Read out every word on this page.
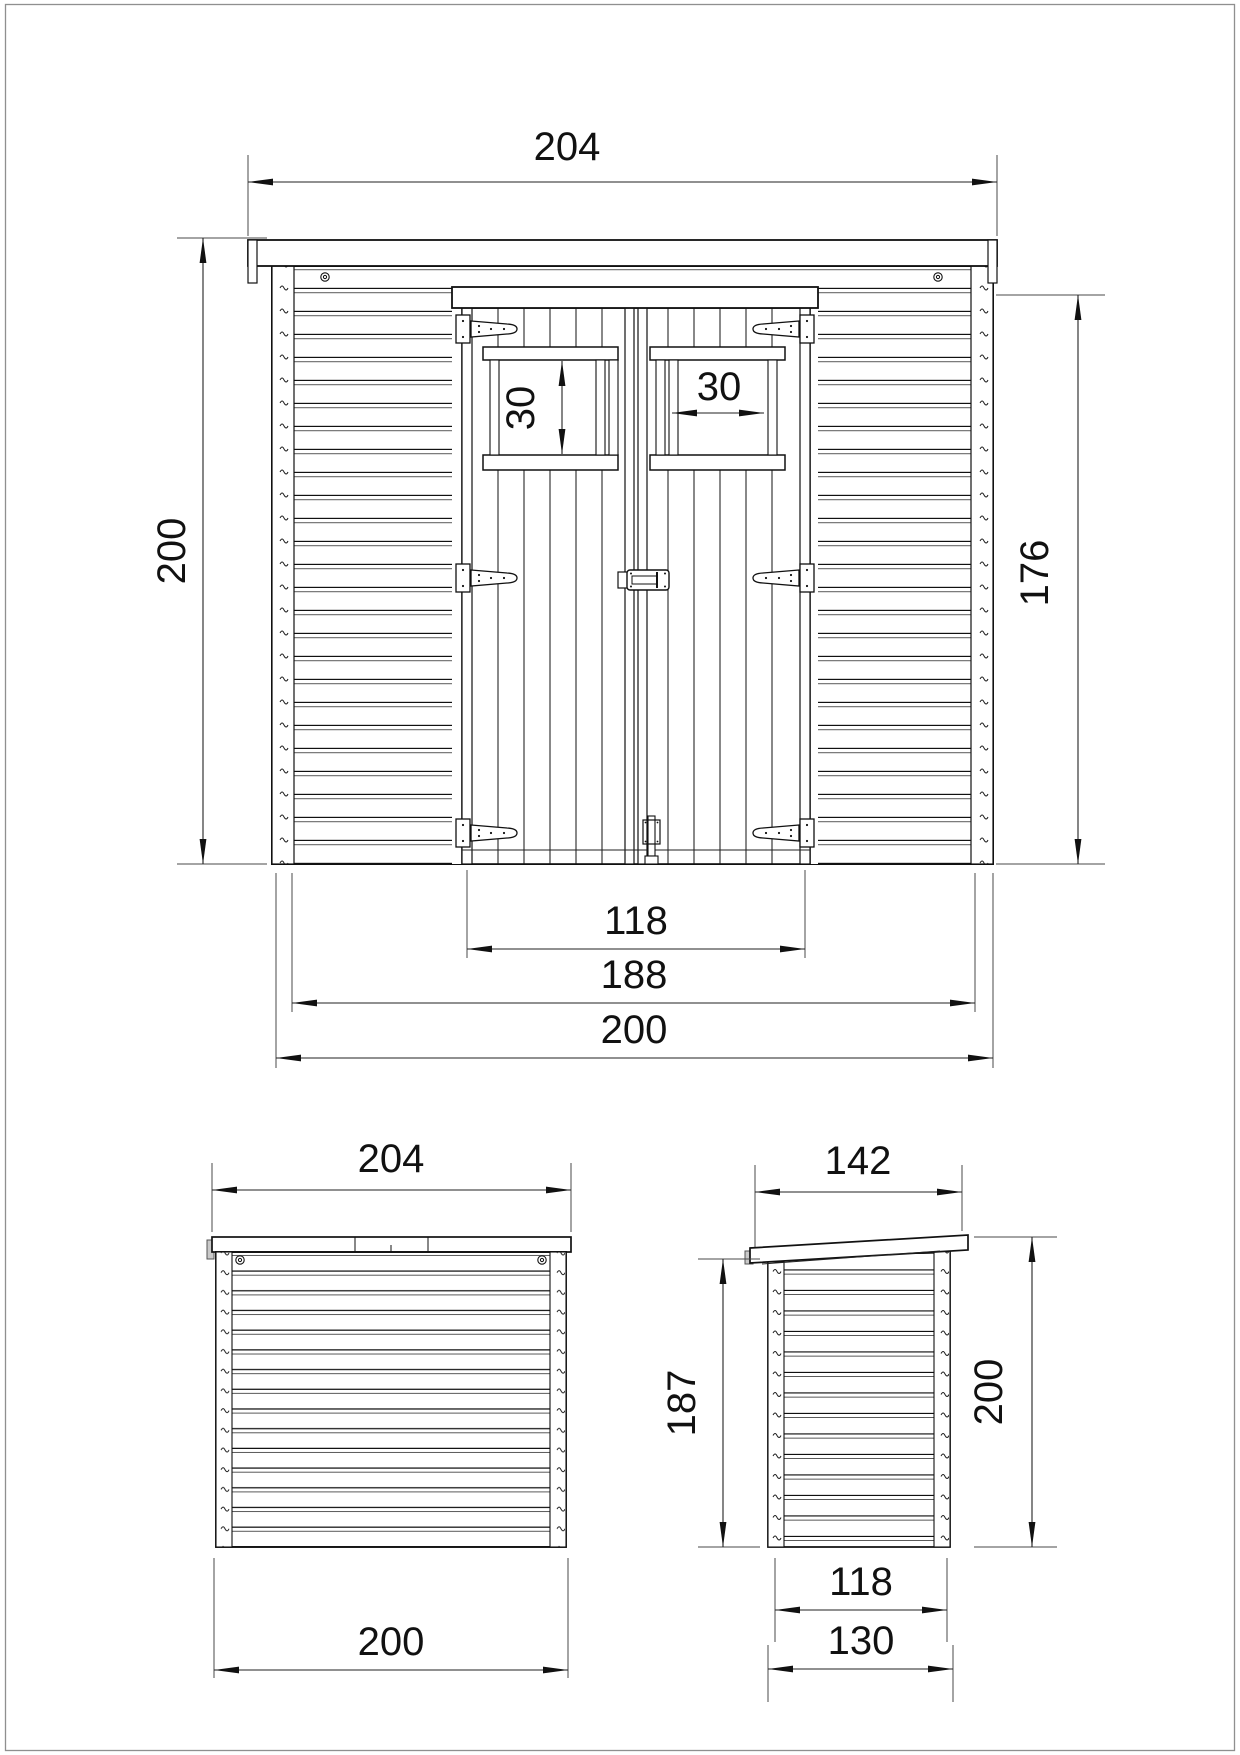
204
200	176
30	30
118
188
200
204
200
142
187	200
118
130
